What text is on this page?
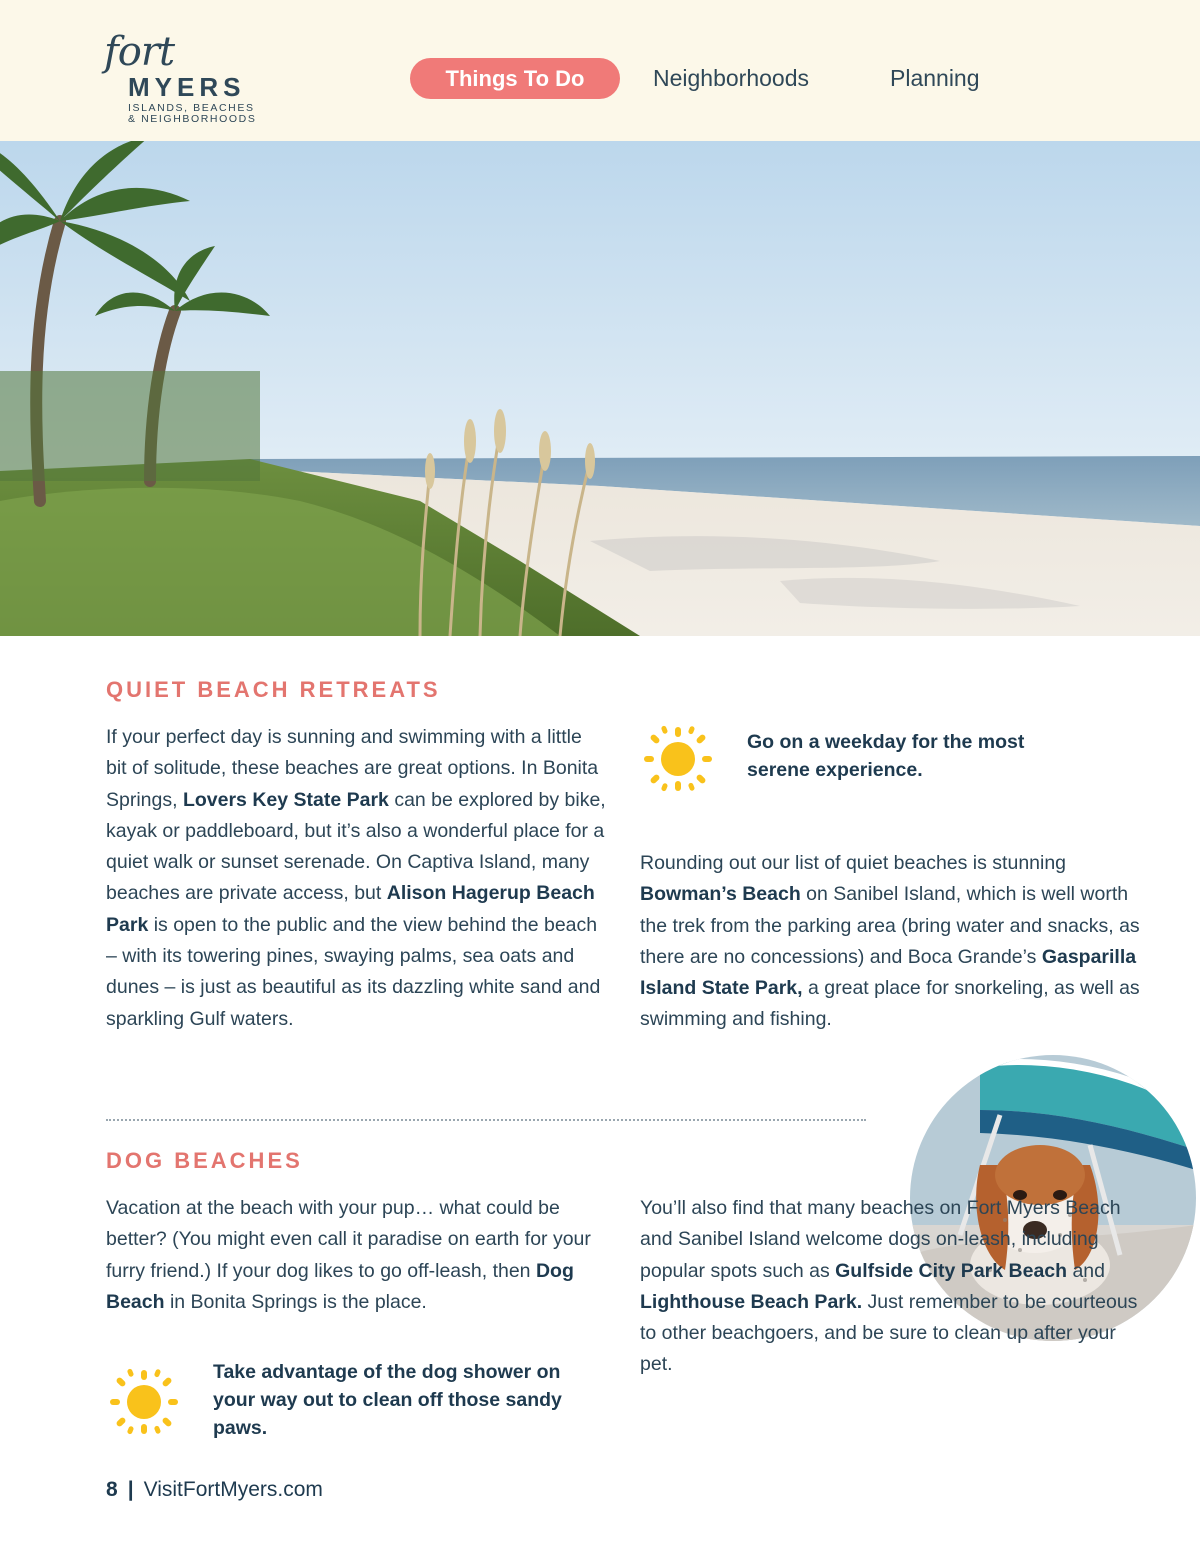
fort
MYERS
ISLANDS, BEACHES
& NEIGHBORHOODS
Things To Do	Neighborhoods	Planning
QUIET BEACH RETREATS
If your perfect day is sunning and swimming with a little bit of solitude, these beaches are great options. In Bonita Springs, Lovers Key State Park can be explored by bike, kayak or paddleboard, but it’s also a wonderful place for a quiet walk or sunset serenade. On Captiva Island, many beaches are private access, but Alison Hagerup Beach Park is open to the public and the view behind the beach – with its towering pines, swaying palms, sea oats and dunes – is just as beautiful as its dazzling white sand and sparkling Gulf waters.
Go on a weekday for the most serene experience.
Rounding out our list of quiet beaches is stunning Bowman’s Beach on Sanibel Island, which is well worth the trek from the parking area (bring water and snacks, as there are no concessions) and Boca Grande’s Gasparilla Island State Park, a great place for snorkeling, as well as swimming and fishing.
DOG BEACHES
Vacation at the beach with your pup… what could be better? (You might even call it paradise on earth for your furry friend.) If your dog likes to go off-leash, then Dog Beach in Bonita Springs is the place.
Take advantage of the dog shower on your way out to clean off those sandy paws.
You’ll also find that many beaches on Fort Myers Beach and Sanibel Island welcome dogs on-leash, including popular spots such as Gulfside City Park Beach and Lighthouse Beach Park. Just remember to be courteous to other beachgoers, and be sure to clean up after your pet.
8 | VisitFortMyers.com
